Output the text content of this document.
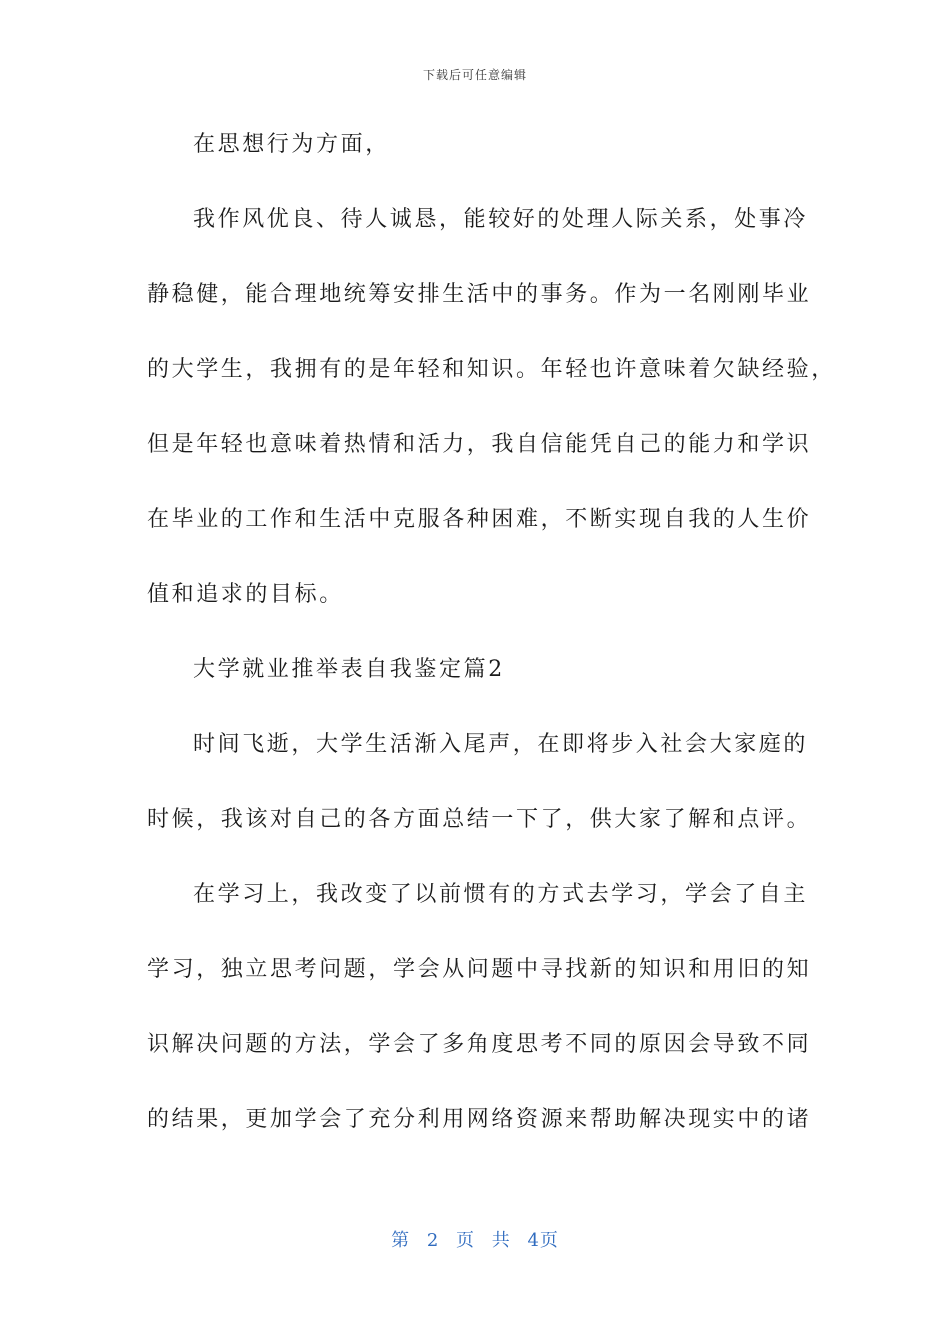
下载后可任意编辑
在思想行为方面，
我作风优良、待人诚恳，能较好的处理人际关系，处事冷
静稳健，能合理地统筹安排生活中的事务。作为一名刚刚毕业
的大学生，我拥有的是年轻和知识。年轻也许意味着欠缺经验，
但是年轻也意味着热情和活力，我自信能凭自己的能力和学识
在毕业的工作和生活中克服各种困难，不断实现自我的人生价
值和追求的目标。
大学就业推举表自我鉴定篇2
时间飞逝，大学生活渐入尾声，在即将步入社会大家庭的
时候，我该对自己的各方面总结一下了，供大家了解和点评。
在学习上，我改变了以前惯有的方式去学习，学会了自主
学习，独立思考问题，学会从问题中寻找新的知识和用旧的知
识解决问题的方法，学会了多角度思考不同的原因会导致不同
的结果，更加学会了充分利用网络资源来帮助解决现实中的诸
第 2 页 共 4页
